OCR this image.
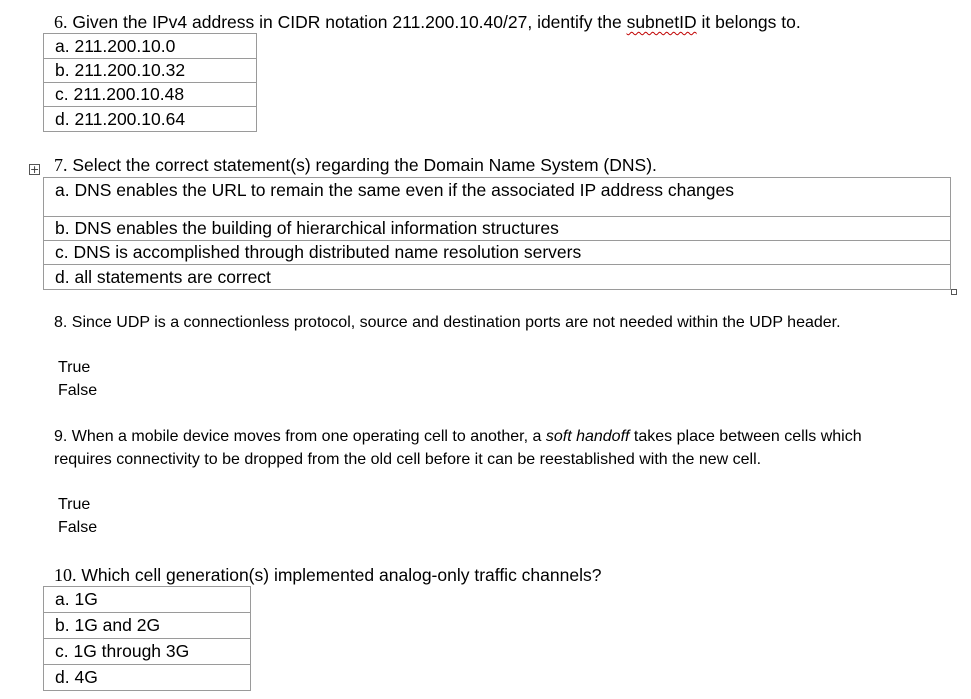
6. Given the IPv4 address in CIDR notation 211.200.10.40/27, identify the subnetID it belongs to.
a. 211.200.10.0
b. 211.200.10.32
c. 211.200.10.48
d. 211.200.10.64
+ 7. Select the correct statement(s) regarding the Domain Name System (DNS).
a. DNS enables the URL to remain the same even if the associated IP address changes
b. DNS enables the building of hierarchical information structures
c. DNS is accomplished through distributed name resolution servers
d. all statements are correct
8. Since UDP is a connectionless protocol, source and destination ports are not needed within the UDP header.
True
False
9. When a mobile device moves from one operating cell to another, a soft handoff takes place between cells which
requires connectivity to be dropped from the old cell before it can be reestablished with the new cell.
True
False
10. Which cell generation(s) implemented analog-only traffic channels?
a. 1G
b. 1G and 2G
c. 1G through 3G
d. 4G
